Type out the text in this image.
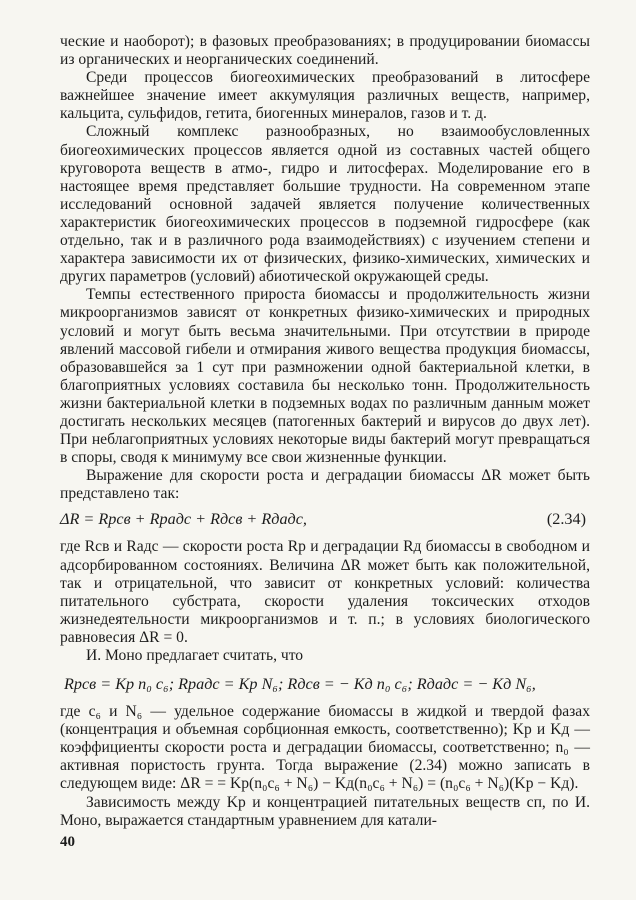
ческие и наоборот); в фазовых преобразованиях; в продуцировании биомассы из органических и неорганических соединений.

Среди процессов биогеохимических преобразований в литосфере важнейшее значение имеет аккумуляция различных веществ, например, кальцита, сульфидов, гетита, биогенных минералов, газов и т. д.

Сложный комплекс разнообразных, но взаимообусловленных биогеохимических процессов является одной из составных частей общего круговорота веществ в атмо-, гидро и литосферах. Моделирование его в настоящее время представляет большие трудности. На современном этапе исследований основной задачей является получение количественных характеристик биогеохимических процессов в подземной гидросфере (как отдельно, так и в различного рода взаимодействиях) с изучением степени и характера зависимости их от физических, физико-химических, химических и других параметров (условий) абиотической окружающей среды.

Темпы естественного прироста биомассы и продолжительность жизни микроорганизмов зависят от конкретных физико-химических и природных условий и могут быть весьма значительными. При отсутствии в природе явлений массовой гибели и отмирания живого вещества продукция биомассы, образовавшейся за 1 сут при размножении одной бактериальной клетки, в благоприятных условиях составила бы несколько тонн. Продолжительность жизни бактериальной клетки в подземных водах по различным данным может достигать нескольких месяцев (патогенных бактерий и вирусов до двух лет). При неблагоприятных условиях некоторые виды бактерий могут превращаться в споры, сводя к минимуму все свои жизненные функции.

Выражение для скорости роста и деградации биомассы ΔR может быть представлено так:

ΔR = Rрсв + Rрадс + Rдсв + Rдадс,	(2.34)

где Rсв и Rадс — скорости роста Rр и деградации Rд биомассы в свободном и адсорбированном состояниях. Величина ΔR может быть как положительной, так и отрицательной, что зависит от конкретных условий: количества питательного субстрата, скорости удаления токсических отходов жизнедеятельности микроорганизмов и т. п.; в условиях биологического равновесия ΔR = 0.

И. Моно предлагает считать, что

Rрсв = Kр n₀ c₆; Rрадс = Kр N₆; Rдсв = − Kд n₀ c₆; Rдадс = − Kд N₆,

где c₆ и N₆ — удельное содержание биомассы в жидкой и твердой фазах (концентрация и объемная сорбционная емкость, соответственно); Kр и Kд — коэффициенты скорости роста и деградации биомассы, соответственно; n₀ — активная пористость грунта. Тогда выражение (2.34) можно записать в следующем виде: ΔR = = Kр(n₀c₆ + N₆) − Kд(n₀c₆ + N₆) = (n₀c₆ + N₆)(Kр − Kд).

Зависимость между Kр и концентрацией питательных веществ cп, по И. Моно, выражается стандартным уравнением для катали-

40
